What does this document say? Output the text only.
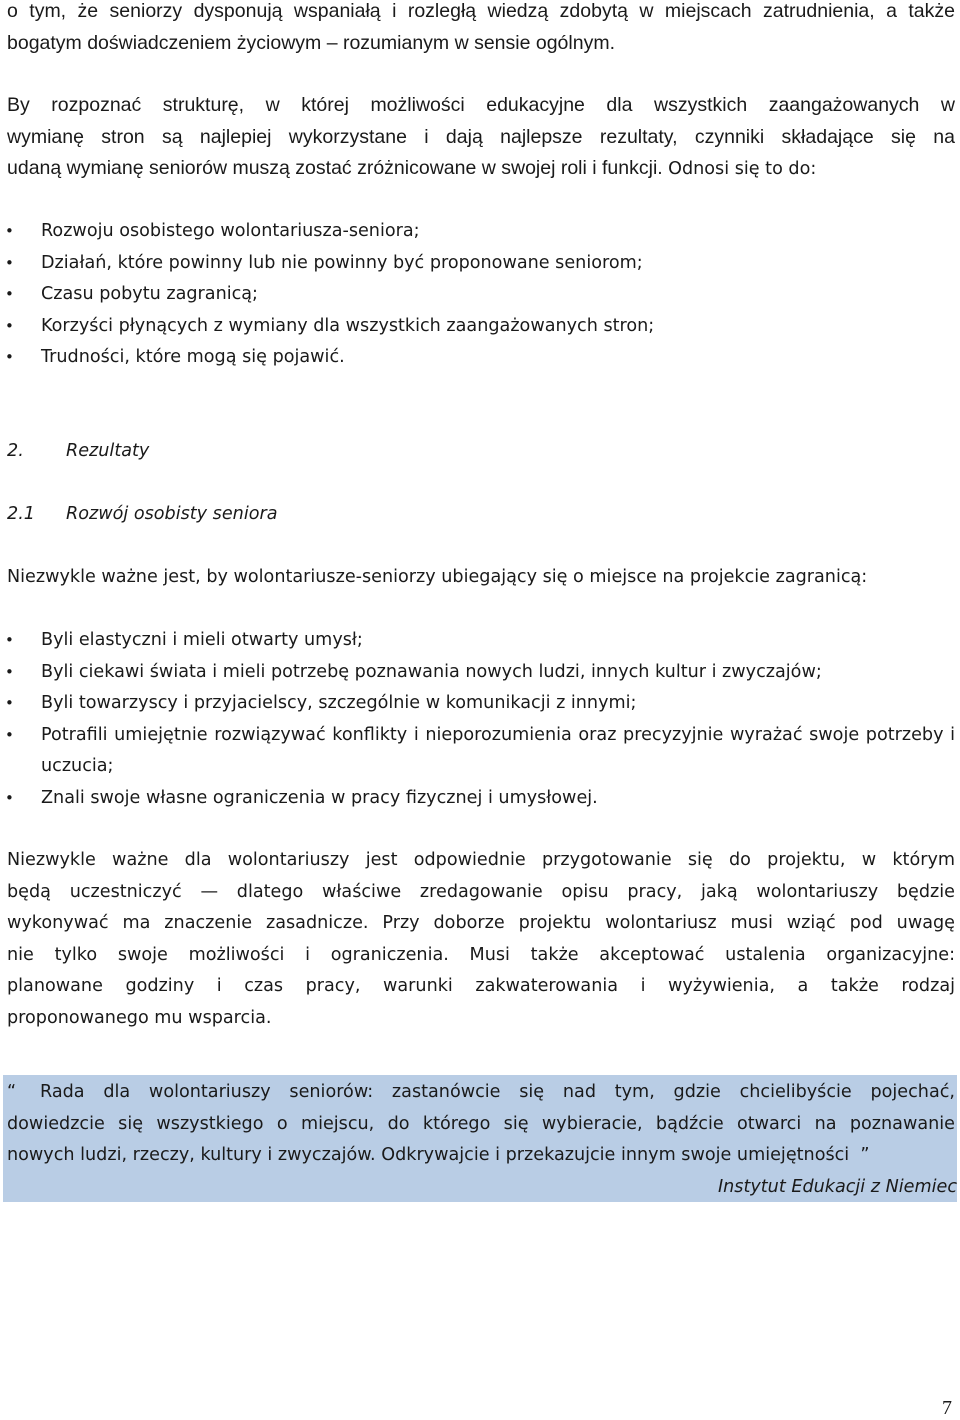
o tym, że seniorzy dysponują wspaniałą i rozległą wiedzą zdobytą w miejscach zatrudnienia, a także
bogatym doświadczeniem życiowym – rozumianym w sensie ogólnym.

By rozpoznać strukturę, w której możliwości edukacyjne dla wszystkich zaangażowanych w
wymianę stron są najlepiej wykorzystane i dają najlepsze rezultaty, czynniki składające się na
udaną wymianę seniorów muszą zostać zróżnicowane w swojej roli i funkcji. Odnosi się to do:

• Rozwoju osobistego wolontariusza-seniora;
• Działań, które powinny lub nie powinny być proponowane seniorom;
• Czasu pobytu zagranicą;
• Korzyści płynących z wymiany dla wszystkich zaangażowanych stron;
• Trudności, które mogą się pojawić.
2. Rezultaty
2.1 Rozwój osobisty seniora

Niezwykle ważne jest, by wolontariusze-seniorzy ubiegający się o miejsce na projekcie zagranicą:

• Byli elastyczni i mieli otwarty umysł;
• Byli ciekawi świata i mieli potrzebę poznawania nowych ludzi, innych kultur i zwyczajów;
• Byli towarzyscy i przyjacielscy, szczególnie w komunikacji z innymi;
• Potrafili umiejętnie rozwiązywać konflikty i nieporozumienia oraz precyzyjnie wyrażać swoje potrzeby i uczucia;
• Znali swoje własne ograniczenia w pracy fizycznej i umysłowej.

Niezwykle ważne dla wolontariuszy jest odpowiednie przygotowanie się do projektu, w którym
będą uczestniczyć — dlatego właściwe zredagowanie opisu pracy, jaką wolontariuszy będzie
wykonywać ma znaczenie zasadnicze. Przy doborze projektu wolontariusz musi wziąć pod uwagę
nie tylko swoje możliwości i ograniczenia. Musi także akceptować ustalenia organizacyjne:
planowane godziny i czas pracy, warunki zakwaterowania i wyżywienia, a także rodzaj
proponowanego mu wsparcia.

“ Rada dla wolontariuszy seniorów: zastanówcie się nad tym, gdzie chcielibyście pojechać,
dowiedzcie się wszystkiego o miejscu, do którego się wybieracie, bądźcie otwarci na poznawanie
nowych ludzi, rzeczy, kultury i zwyczajów. Odkrywajcie i przekazujcie innym swoje umiejętności ”

Instytut Edukacji z Niemiec
7
